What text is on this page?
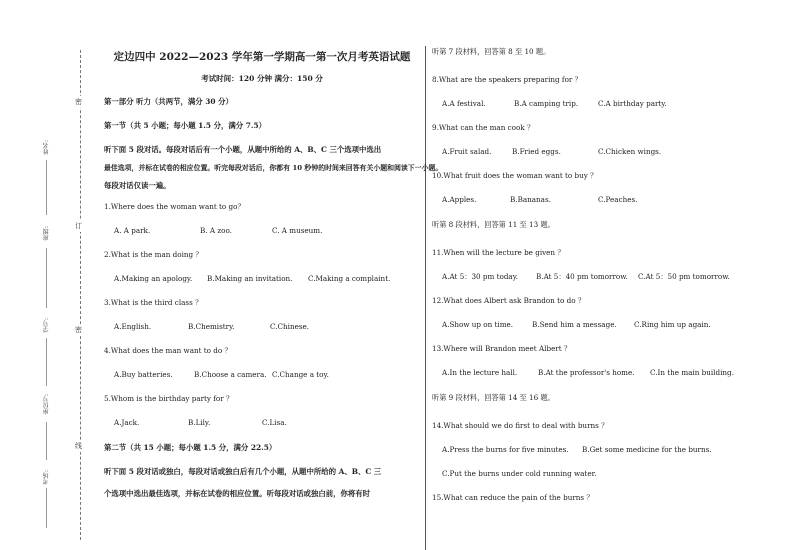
姓名:
班级:
学号:
座位号:
考场:
密
订
密
线
定边四中 2022—2023 学年第一学期高一第一次月考英语试题
考试时间：120 分钟 满分：150 分
第一部分 听力（共两节，满分 30 分）
第一节（共 5 小题；每小题 1.5 分，满分 7.5）
听下面 5 段对话。每段对话后有一个小题，从题中所给的 A、B、C 三个选项中选出
最佳选项，并标在试卷的相应位置。听完每段对话后，你都有 10 秒钟的时间来回答有关小题和阅读下一小题。
每段对话仅读一遍。
1.Where does the woman want to go？
A. A park.	B. A zoo.	C. A museum.
2.What is the man doing ？
A.Making an apology. B.Making an invitation. C.Making a complaint.
3.What is the third class ？
A.English.	B.Chemistry.	C.Chinese.
4.What does the man want to do ？
A.Buy batteries.	B.Choose a camera. C.Change a toy.
5.Whom is the birthday party for ？
A.Jack.	B.Lily.	C.Lisa.
第二节（共 15 小题；每小题 1.5 分，满分 22.5）
听下面 5 段对话或独白，每段对话或独白后有几个小题，从题中所给的 A、B、C 三
个选项中选出最佳选项，并标在试卷的相应位置。听每段对话或独白前，你将有时
听第 7 段材料，回答第 8 至 10 题。
8.What are the speakers preparing for ？
A.A festival.	B.A camping trip.	C.A birthday party.
9.What can the man cook ？
A.Fruit salad.	B.Fried eggs.	C.Chicken wings.
10.What fruit does the woman want to buy ？
A.Apples.	B.Bananas.	C.Peaches.
听第 8 段材料，回答第 11 至 13 题。
11.When will the lecture be given ？
A.At 5：30 pm today. B.At 5：40 pm tomorrow. C.At 5：50 pm tomorrow.
12.What does Albert ask Brandon to do ？
A.Show up on time.	B.Send him a message. C.Ring him up again.
13.Where will Brandon meet Albert ？
A.In the lecture hall.	B.At the professor's home. C.In the main building.
听第 9 段材料，回答第 14 至 16 题。
14.What should we do first to deal with burns ？
A.Press the burns for five minutes. B.Get some medicine for the burns.
C.Put the burns under cold running water.
15.What can reduce the pain of the burns ？
